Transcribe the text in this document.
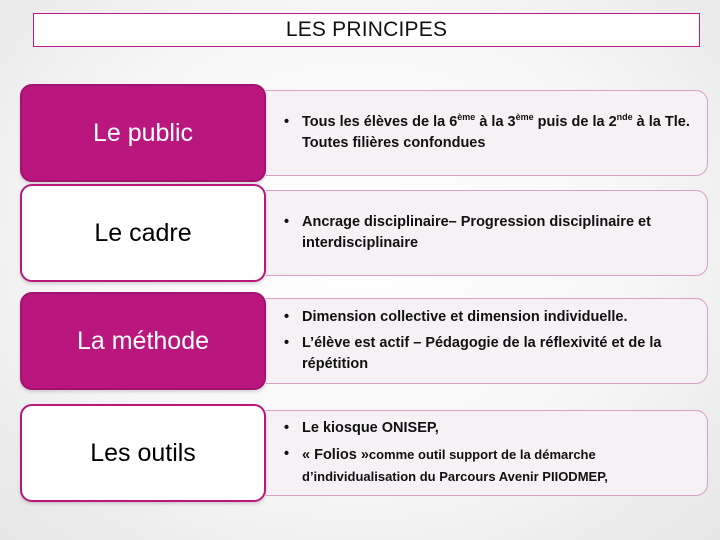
LES PRINCIPES
Le public	• Tous les élèves de la 6ème à la 3ème puis de la 2nde à la Tle. Toutes filières confondues
Le cadre	• Ancrage disciplinaire– Progression disciplinaire et interdisciplinaire
La méthode
• Dimension collective et dimension individuelle.
• L’élève est actif – Pédagogie de la réflexivité et de la répétition
Les outils
• Le kiosque ONISEP,
• « Folios »comme outil support de la démarche d’individualisation du Parcours Avenir PIIODMEP,
